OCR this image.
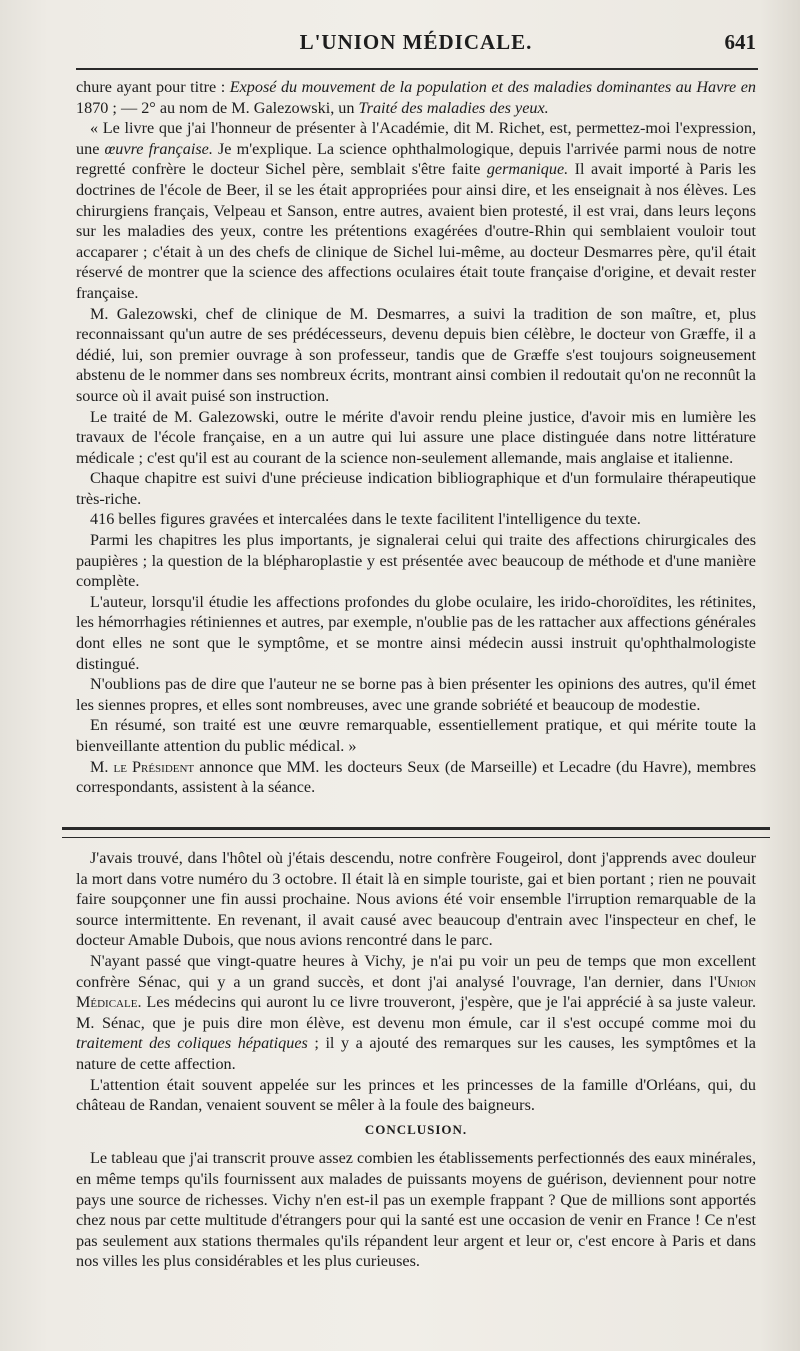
L'UNION MÉDICALE.	641

chure ayant pour titre : Exposé du mouvement de la population et des maladies dominantes au Havre en 1870 ; — 2° au nom de M. Galezowski, un Traité des maladies des yeux.

« Le livre que j'ai l'honneur de présenter à l'Académie, dit M. Richet, est, permettez-moi l'expression, une œuvre française. Je m'explique. La science ophthalmologique, depuis l'arrivée parmi nous de notre regretté confrère le docteur Sichel père, semblait s'être faite germanique. Il avait importé à Paris les doctrines de l'école de Beer, il se les était appropriées pour ainsi dire, et les enseignait à nos élèves. Les chirurgiens français, Velpeau et Sanson, entre autres, avaient bien protesté, il est vrai, dans leurs leçons sur les maladies des yeux, contre les prétentions exagérées d'outre-Rhin qui semblaient vouloir tout accaparer ; c'était à un des chefs de clinique de Sichel lui-même, au docteur Desmarres père, qu'il était réservé de montrer que la science des affections oculaires était toute française d'origine, et devait rester française.

M. Galezowski, chef de clinique de M. Desmarres, a suivi la tradition de son maître, et, plus reconnaissant qu'un autre de ses prédécesseurs, devenu depuis bien célèbre, le docteur von Græffe, il a dédié, lui, son premier ouvrage à son professeur, tandis que de Græffe s'est toujours soigneusement abstenu de le nommer dans ses nombreux écrits, montrant ainsi combien il redoutait qu'on ne reconnût la source où il avait puisé son instruction.

Le traité de M. Galezowski, outre le mérite d'avoir rendu pleine justice, d'avoir mis en lumière les travaux de l'école française, en a un autre qui lui assure une place distinguée dans notre littérature médicale ; c'est qu'il est au courant de la science non-seulement allemande, mais anglaise et italienne.

Chaque chapitre est suivi d'une précieuse indication bibliographique et d'un formulaire thérapeutique très-riche.

416 belles figures gravées et intercalées dans le texte facilitent l'intelligence du texte.

Parmi les chapitres les plus importants, je signalerai celui qui traite des affections chirurgicales des paupières ; la question de la blépharoplastie y est présentée avec beaucoup de méthode et d'une manière complète.

L'auteur, lorsqu'il étudie les affections profondes du globe oculaire, les irido-choroïdites, les rétinites, les hémorrhagies rétiniennes et autres, par exemple, n'oublie pas de les rattacher aux affections générales dont elles ne sont que le symptôme, et se montre ainsi médecin aussi instruit qu'ophthalmologiste distingué.

N'oublions pas de dire que l'auteur ne se borne pas à bien présenter les opinions des autres, qu'il émet les siennes propres, et elles sont nombreuses, avec une grande sobriété et beaucoup de modestie.

En résumé, son traité est une œuvre remarquable, essentiellement pratique, et qui mérite toute la bienveillante attention du public médical. »

M. le Président annonce que MM. les docteurs Seux (de Marseille) et Lecadre (du Havre), membres correspondants, assistent à la séance.

J'avais trouvé, dans l'hôtel où j'étais descendu, notre confrère Fougeirol, dont j'apprends avec douleur la mort dans votre numéro du 3 octobre. Il était là en simple touriste, gai et bien portant ; rien ne pouvait faire soupçonner une fin aussi prochaine. Nous avions été voir ensemble l'irruption remarquable de la source intermittente. En revenant, il avait causé avec beaucoup d'entrain avec l'inspecteur en chef, le docteur Amable Dubois, que nous avions rencontré dans le parc.

N'ayant passé que vingt-quatre heures à Vichy, je n'ai pu voir un peu de temps que mon excellent confrère Sénac, qui y a un grand succès, et dont j'ai analysé l'ouvrage, l'an dernier, dans l'Union Médicale. Les médecins qui auront lu ce livre trouveront, j'espère, que je l'ai apprécié à sa juste valeur. M. Sénac, que je puis dire mon élève, est devenu mon émule, car il s'est occupé comme moi du traitement des coliques hépatiques ; il y a ajouté des remarques sur les causes, les symptômes et la nature de cette affection.

L'attention était souvent appelée sur les princes et les princesses de la famille d'Orléans, qui, du château de Randan, venaient souvent se mêler à la foule des baigneurs.

CONCLUSION.

Le tableau que j'ai transcrit prouve assez combien les établissements perfectionnés des eaux minérales, en même temps qu'ils fournissent aux malades de puissants moyens de guérison, deviennent pour notre pays une source de richesses. Vichy n'en est-il pas un exemple frappant ? Que de millions sont apportés chez nous par cette multitude d'étrangers pour qui la santé est une occasion de venir en France ! Ce n'est pas seulement aux stations thermales qu'ils répandent leur argent et leur or, c'est encore à Paris et dans nos villes les plus considérables et les plus curieuses.
